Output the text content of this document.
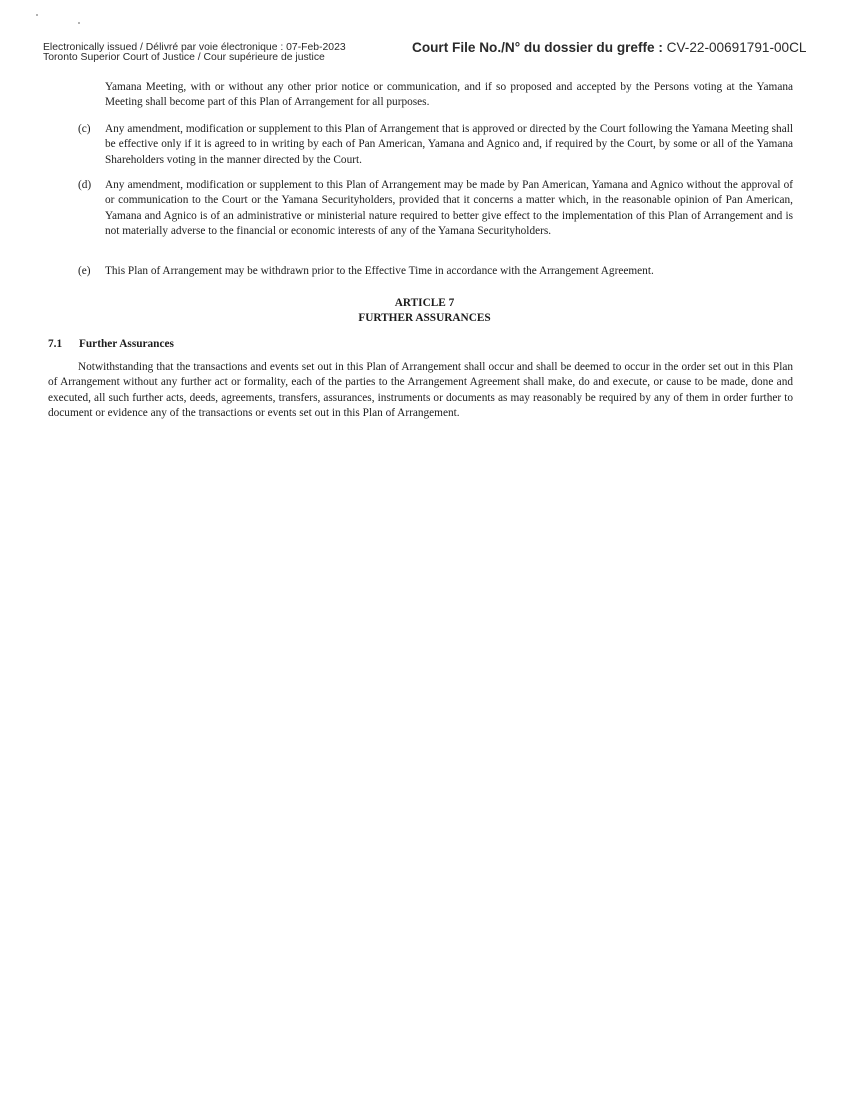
Electronically issued / Délivré par voie électronique : 07-Feb-2023
Toronto Superior Court of Justice / Cour supérieure de justice
Court File No./N° du dossier du greffe : CV-22-00691791-00CL

Yamana Meeting, with or without any other prior notice or communication, and if so proposed and accepted by the Persons voting at the Yamana Meeting shall become part of this Plan of Arrangement for all purposes.

(c) Any amendment, modification or supplement to this Plan of Arrangement that is approved or directed by the Court following the Yamana Meeting shall be effective only if it is agreed to in writing by each of Pan American, Yamana and Agnico and, if required by the Court, by some or all of the Yamana Shareholders voting in the manner directed by the Court.
(d) Any amendment, modification or supplement to this Plan of Arrangement may be made by Pan American, Yamana and Agnico without the approval of or communication to the Court or the Yamana Securityholders, provided that it concerns a matter which, in the reasonable opinion of Pan American, Yamana and Agnico is of an administrative or ministerial nature required to better give effect to the implementation of this Plan of Arrangement and is not materially adverse to the financial or economic interests of any of the Yamana Securityholders.
(e) This Plan of Arrangement may be withdrawn prior to the Effective Time in accordance with the Arrangement Agreement.
ARTICLE 7
FURTHER ASSURANCES
7.1 Further Assurances

Notwithstanding that the transactions and events set out in this Plan of Arrangement shall occur and shall be deemed to occur in the order set out in this Plan of Arrangement without any further act or formality, each of the parties to the Arrangement Agreement shall make, do and execute, or cause to be made, done and executed, all such further acts, deeds, agreements, transfers, assurances, instruments or documents as may reasonably be required by any of them in order further to document or evidence any of the transactions or events set out in this Plan of Arrangement.
